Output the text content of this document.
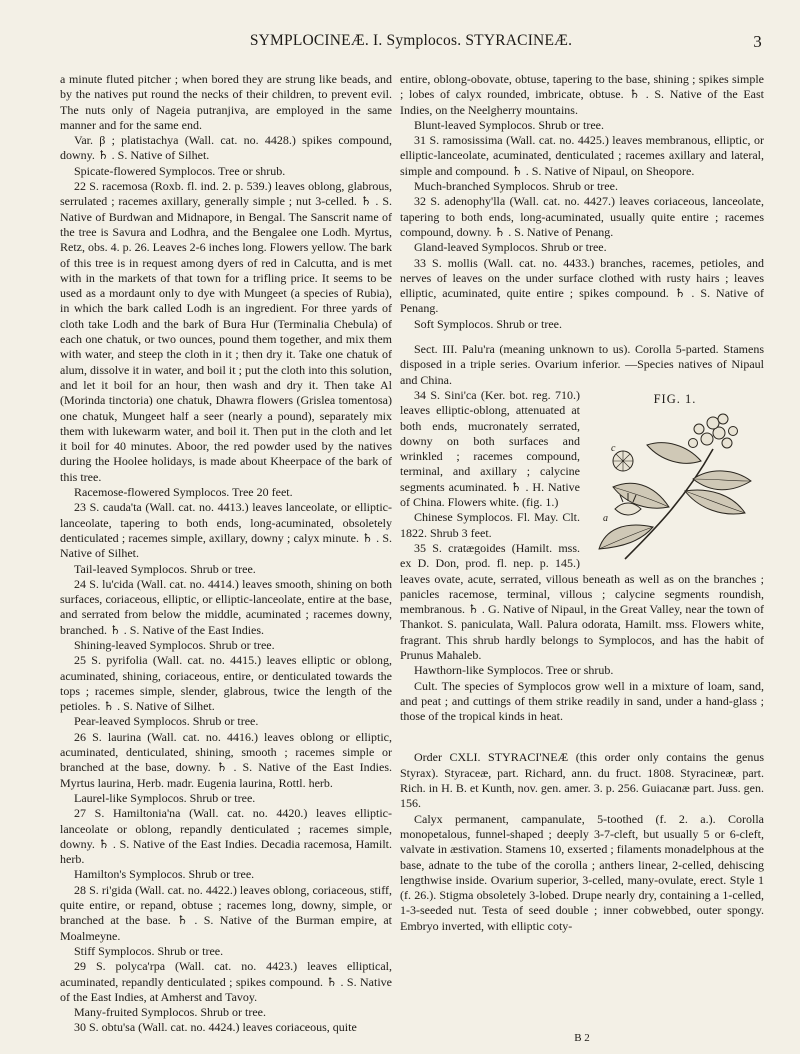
SYMPLOCINEÆ. I. Symplocos. STYRACINEÆ.	3

a minute fluted pitcher ; when bored they are strung like beads, and by the natives put round the necks of their children, to prevent evil. The nuts only of Nageia putranjiva, are employed in the same manner and for the same end.

Var. β ; platistachya (Wall. cat. no. 4428.) spikes compound, downy. ♄ . S. Native of Silhet.

Spicate-flowered Symplocos. Tree or shrub.

22 S. racemosa (Roxb. fl. ind. 2. p. 539.) leaves oblong, glabrous, serrulated ; racemes axillary, generally simple ; nut 3-celled. ♄ . S. Native of Burdwan and Midnapore, in Bengal. The Sanscrit name of the tree is Savura and Lodhra, and the Bengalee one Lodh. Myrtus, Retz, obs. 4. p. 26. Leaves 2-6 inches long. Flowers yellow. The bark of this tree is in request among dyers of red in Calcutta, and is met with in the markets of that town for a trifling price. It seems to be used as a mordaunt only to dye with Mungeet (a species of Rubia), in which the bark called Lodh is an ingredient. For three yards of cloth take Lodh and the bark of Bura Hur (Terminalia Chebula) of each one chatuk, or two ounces, pound them together, and mix them with water, and steep the cloth in it ; then dry it. Take one chatuk of alum, dissolve it in water, and boil it ; put the cloth into this solution, and let it boil for an hour, then wash and dry it. Then take Al (Morinda tinctoria) one chatuk, Dhawra flowers (Grislea tomentosa) one chatuk, Mungeet half a seer (nearly a pound), separately mix them with lukewarm water, and boil it. Then put in the cloth and let it boil for 40 minutes. Aboor, the red powder used by the natives during the Hoolee holidays, is made about Kheerpace of the bark of this tree.

Racemose-flowered Symplocos. Tree 20 feet.

23 S. cauda'ta (Wall. cat. no. 4413.) leaves lanceolate, or elliptic-lanceolate, tapering to both ends, long-acuminated, obsoletely denticulated ; racemes simple, axillary, downy ; calyx minute. ♄ . S. Native of Silhet.

Tail-leaved Symplocos. Shrub or tree.

24 S. lu'cida (Wall. cat. no. 4414.) leaves smooth, shining on both surfaces, coriaceous, elliptic, or elliptic-lanceolate, entire at the base, and serrated from below the middle, acuminated ; racemes downy, branched. ♄ . S. Native of the East Indies.

Shining-leaved Symplocos. Shrub or tree.

25 S. pyrifolia (Wall. cat. no. 4415.) leaves elliptic or oblong, acuminated, shining, coriaceous, entire, or denticulated towards the tops ; racemes simple, slender, glabrous, twice the length of the petioles. ♄ . S. Native of Silhet.

Pear-leaved Symplocos. Shrub or tree.

26 S. laurina (Wall. cat. no. 4416.) leaves oblong or elliptic, acuminated, denticulated, shining, smooth ; racemes simple or branched at the base, downy. ♄ . S. Native of the East Indies. Myrtus laurina, Herb. madr. Eugenia laurina, Rottl. herb.

Laurel-like Symplocos. Shrub or tree.

27 S. Hamiltonia'na (Wall. cat. no. 4420.) leaves elliptic-lanceolate or oblong, repandly denticulated ; racemes simple, downy. ♄ . S. Native of the East Indies. Decadia racemosa, Hamilt. herb.

Hamilton's Symplocos. Shrub or tree.

28 S. ri'gida (Wall. cat. no. 4422.) leaves oblong, coriaceous, stiff, quite entire, or repand, obtuse ; racemes long, downy, simple, or branched at the base. ♄ . S. Native of the Burman empire, at Moalmeyne.

Stiff Symplocos. Shrub or tree.

29 S. polyca'rpa (Wall. cat. no. 4423.) leaves elliptical, acuminated, repandly denticulated ; spikes compound. ♄ . S. Native of the East Indies, at Amherst and Tavoy.

Many-fruited Symplocos. Shrub or tree.

30 S. obtu'sa (Wall. cat. no. 4424.) leaves coriaceous, quite

entire, oblong-obovate, obtuse, tapering to the base, shining ; spikes simple ; lobes of calyx rounded, imbricate, obtuse. ♄ . S. Native of the East Indies, on the Neelgherry mountains.

Blunt-leaved Symplocos. Shrub or tree.

31 S. ramosissima (Wall. cat. no. 4425.) leaves membranous, elliptic, or elliptic-lanceolate, acuminated, denticulated ; racemes axillary and lateral, simple and compound. ♄ . S. Native of Nipaul, on Sheopore.

Much-branched Symplocos. Shrub or tree.

32 S. adenophy'lla (Wall. cat. no. 4427.) leaves coriaceous, lanceolate, tapering to both ends, long-acuminated, usually quite entire ; racemes compound, downy. ♄ . S. Native of Penang.

Gland-leaved Symplocos. Shrub or tree.

33 S. mollis (Wall. cat. no. 4433.) branches, racemes, petioles, and nerves of leaves on the under surface clothed with rusty hairs ; leaves elliptic, acuminated, quite entire ; spikes compound. ♄ . S. Native of Penang.

Soft Symplocos. Shrub or tree.

Sect. III. Palu'ra (meaning unknown to us). Corolla 5-parted. Stamens disposed in a triple series. Ovarium inferior. —Species natives of Nipaul and China.

FIG. 1.
c
a

34 S. Sini'ca (Ker. bot. reg. 710.) leaves elliptic-oblong, attenuated at both ends, mucronately serrated, downy on both surfaces and wrinkled ; racemes compound, terminal, and axillary ; calycine segments acuminated. ♄ . H. Native of China. Flowers white. (fig. 1.)

Chinese Symplocos. Fl. May. Clt. 1822. Shrub 3 feet.

35 S. cratægoides (Hamilt. mss. ex D. Don, prod. fl. nep. p. 145.) leaves ovate, acute, serrated, villous beneath as well as on the branches ; panicles racemose, terminal, villous ; calycine segments roundish, membranous. ♄ . G. Native of Nipaul, in the Great Valley, near the town of Thankot. S. paniculata, Wall. Palura odorata, Hamilt. mss. Flowers white, fragrant. This shrub hardly belongs to Symplocos, and has the habit of Prunus Mahaleb.

Hawthorn-like Symplocos. Tree or shrub.

Cult. The species of Symplocos grow well in a mixture of loam, sand, and peat ; and cuttings of them strike readily in sand, under a hand-glass ; those of the tropical kinds in heat.

Order CXLI. STYRACI'NEÆ (this order only contains the genus Styrax). Styraceæ, part. Richard, ann. du fruct. 1808. Styracineæ, part. Rich. in H. B. et Kunth, nov. gen. amer. 3. p. 256. Guiacanæ part. Juss. gen. 156.

Calyx permanent, campanulate, 5-toothed (f. 2. a.). Corolla monopetalous, funnel-shaped ; deeply 3-7-cleft, but usually 5 or 6-cleft, valvate in æstivation. Stamens 10, exserted ; filaments monadelphous at the base, adnate to the tube of the corolla ; anthers linear, 2-celled, dehiscing lengthwise inside. Ovarium superior, 3-celled, many-ovulate, erect. Style 1 (f. 26.). Stigma obsoletely 3-lobed. Drupe nearly dry, containing a 1-celled, 1-3-seeded nut. Testa of seed double ; inner cobwebbed, outer spongy. Embryo inverted, with elliptic coty-

B 2
